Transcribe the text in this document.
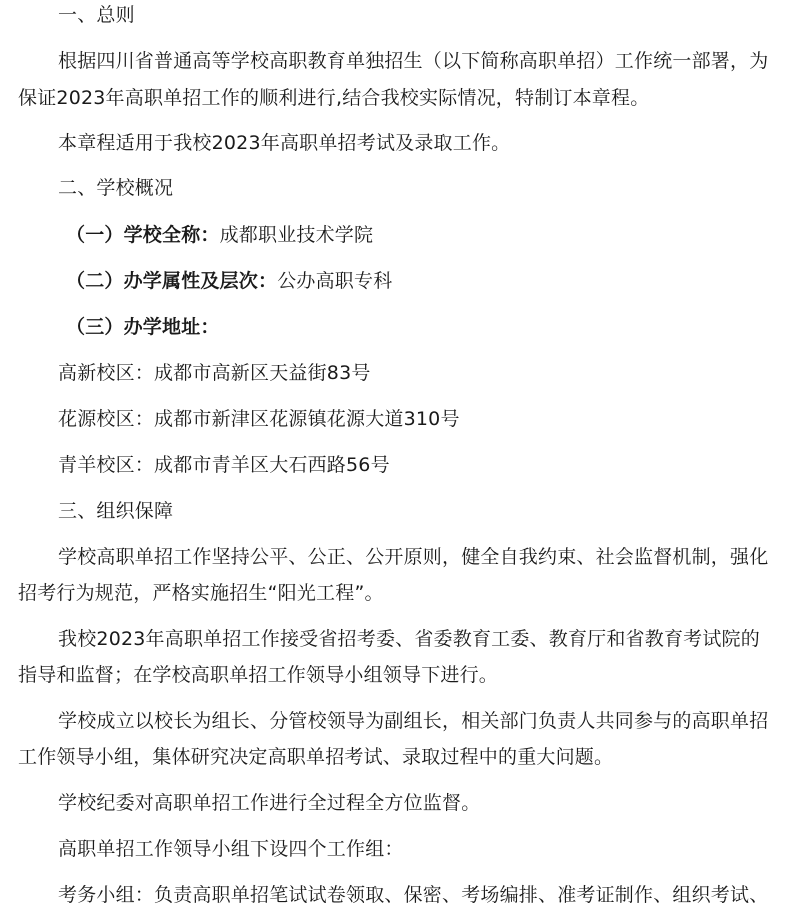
一、总则
根据四川省普通高等学校高职教育单独招生（以下简称高职单招）工作统一部署，为
保证2023年高职单招工作的顺利进行,结合我校实际情况，特制订本章程。
本章程适用于我校2023年高职单招考试及录取工作。
二、学校概况
（一）学校全称：成都职业技术学院
（二）办学属性及层次：公办高职专科
（三）办学地址：
高新校区：成都市高新区天益街83号
花源校区：成都市新津区花源镇花源大道310号
青羊校区：成都市青羊区大石西路56号
三、组织保障
学校高职单招工作坚持公平、公正、公开原则，健全自我约束、社会监督机制，强化
招考行为规范，严格实施招生“阳光工程”。
我校2023年高职单招工作接受省招考委、省委教育工委、教育厅和省教育考试院的
指导和监督；在学校高职单招工作领导小组领导下进行。
学校成立以校长为组长、分管校领导为副组长，相关部门负责人共同参与的高职单招
工作领导小组，集体研究决定高职单招考试、录取过程中的重大问题。
学校纪委对高职单招工作进行全过程全方位监督。
高职单招工作领导小组下设四个工作组：
考务小组：负责高职单招笔试试卷领取、保密、考场编排、准考证制作、组织考试、
